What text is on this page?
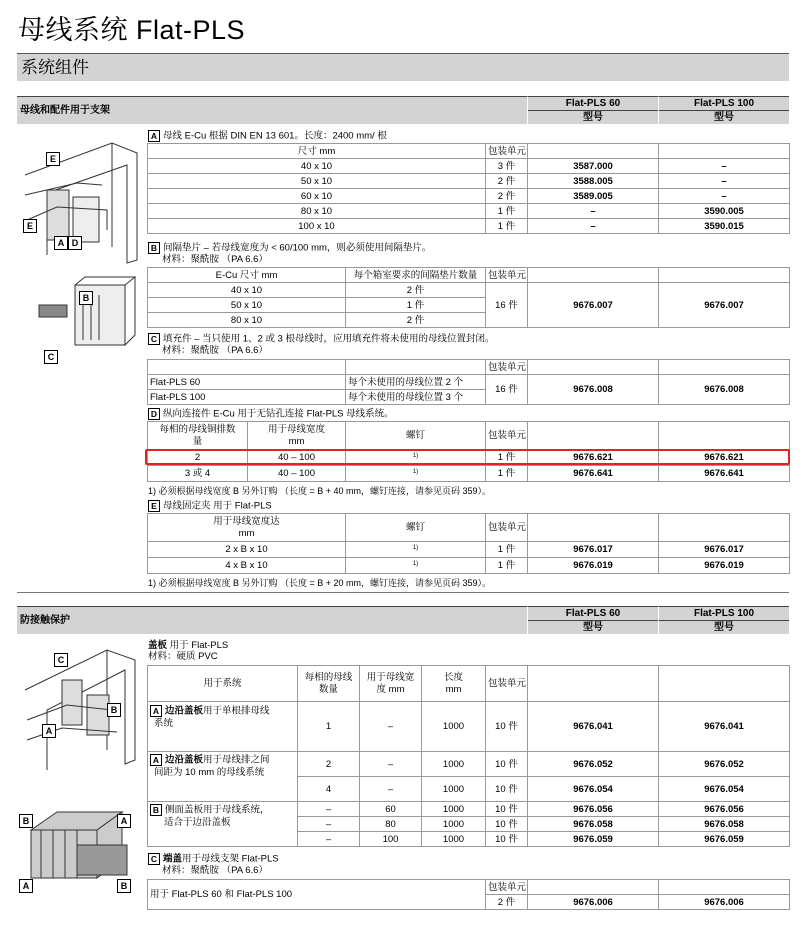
母线系统 Flat-PLS
系统组件
母线和配件用于支架
Flat-PLS 60
型号
Flat-PLS 100
型号
E
E
A D
B
C
A 母线 E-Cu 根据 DIN EN 13 601。长度：2400 mm/ 根
尺寸 mm	包装单元		
40 x 10	3 件	3587.000	–
50 x 10	2 件	3588.005	–
60 x 10	2 件	3589.005	–
80 x 10	1 件	–	3590.005
100 x 10	1 件	–	3590.015
B 间隔垫片 – 若母线宽度为 < 60/100 mm，则必须使用间隔垫片。
材料：聚酰胺 （PA 6.6）
E-Cu 尺寸 mm	每个箱室要求的间隔垫片数量	包装单元		
40 x 10	2 件	16 件	9676.007	9676.007
50 x 10	1 件			
80 x 10	2 件			
C 填充件 – 当只使用 1、2 或 3 根母线时，应用填充件将未使用的母线位置封闭。
材料：聚酰胺 （PA 6.6）
		包装单元		
Flat-PLS 60	每个未使用的母线位置 2 个	16 件	9676.008	9676.008
Flat-PLS 100	每个未使用的母线位置 3 个			
D 纵向连接件 E-Cu 用于无钻孔连接 Flat-PLS 母线系统。
每相的母线铜排数
量	用于母线宽度
mm	螺钉	包装单元		
2	40 – 100	$^{1)}$	1 件	9676.621	9676.621
3 或 4	40 – 100	$^{1)}$	1 件	9676.641	9676.641
1) 必须根据母线宽度 B 另外订购 （长度 = B + 40 mm，螺钉连接，请参见页码 359）。
E 母线固定夹 用于 Flat-PLS
用于母线宽度达
mm	螺钉	包装单元		
2 x B x 10	$^{1)}$	1 件	9676.017	9676.017
4 x B x 10	$^{1)}$	1 件	9676.019	9676.019
1) 必须根据母线宽度 B 另外订购 （长度 = B + 20 mm，螺钉连接，请参见页码 359）。
防接触保护
Flat-PLS 60
型号
Flat-PLS 100
型号
C
B
A
B	A
A	B
盖板 用于 Flat-PLS
材料：硬质 PVC
用于系统	每相的母线
数量	用于母线宽
度 mm	长度
mm	包装单元		
A 边沿盖板用于单根排母线
系统	1	–	1000	10 件	9676.041	9676.041
A 边沿盖板用于母线排之间
间距为 10 mm 的母线系统	2	–	1000	10 件	9676.052	9676.052
	4	–	1000	10 件	9676.054	9676.054
B 侧面盖板用于母线系统，
适合于边沿盖板	–	60	1000	10 件	9676.056	9676.056
	–	80	1000	10 件	9676.058	9676.058
	–	100	1000	10 件	9676.059	9676.059
C 端盖用于母线支架 Flat-PLS
材料：聚酰胺 （PA 6.6）
用于 Flat-PLS 60 和 Flat-PLS 100	包装单元		
	2 件	9676.006	9676.006
